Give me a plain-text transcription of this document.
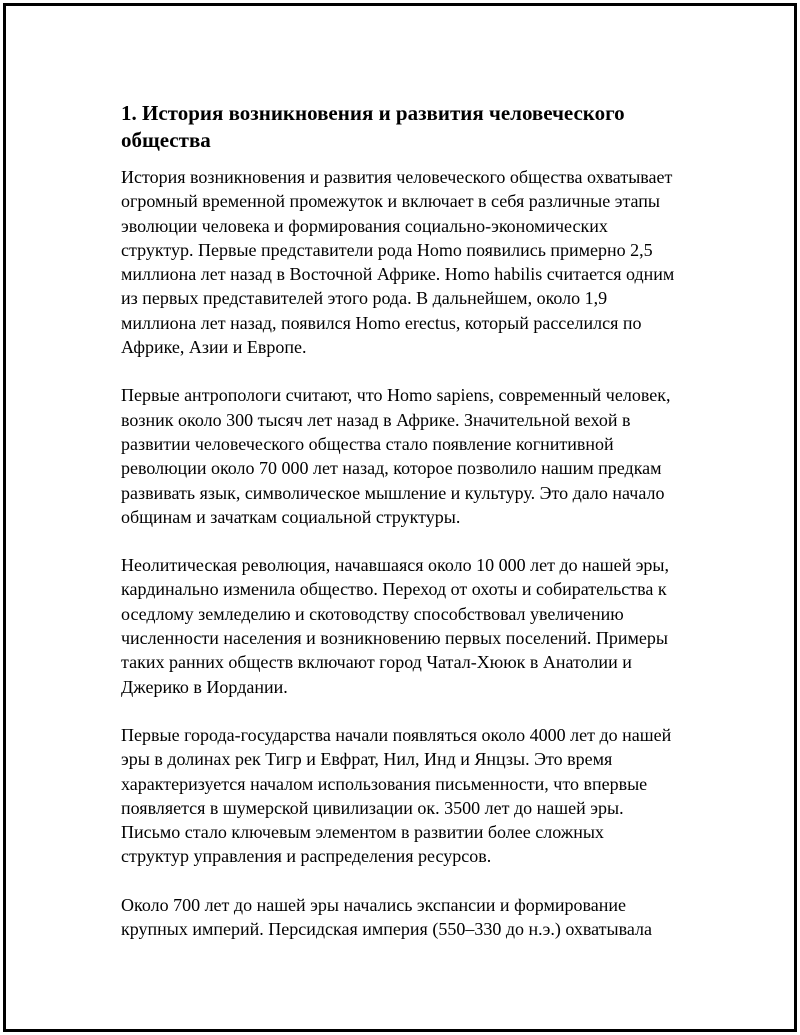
1. История возникновения и развития человеческого
общества

История возникновения и развития человеческого общества охватывает
огромный временной промежуток и включает в себя различные этапы
эволюции человека и формирования социально-экономических
структур. Первые представители рода Homo появились примерно 2,5
миллиона лет назад в Восточной Африке. Homo habilis считается одним
из первых представителей этого рода. В дальнейшем, около 1,9
миллиона лет назад, появился Homo erectus, который расселился по
Африке, Азии и Европе.

Первые антропологи считают, что Homo sapiens, современный человек,
возник около 300 тысяч лет назад в Африке. Значительной вехой в
развитии человеческого общества стало появление когнитивной
революции около 70 000 лет назад, которое позволило нашим предкам
развивать язык, символическое мышление и культуру. Это дало начало
общинам и зачаткам социальной структуры.

Неолитическая революция, начавшаяся около 10 000 лет до нашей эры,
кардинально изменила общество. Переход от охоты и собирательства к
оседлому земледелию и скотоводству способствовал увеличению
численности населения и возникновению первых поселений. Примеры
таких ранних обществ включают город Чатал-Хююк в Анатолии и
Джерико в Иордании.

Первые города-государства начали появляться около 4000 лет до нашей
эры в долинах рек Тигр и Евфрат, Нил, Инд и Янцзы. Это время
характеризуется началом использования письменности, что впервые
появляется в шумерской цивилизации ок. 3500 лет до нашей эры.
Письмо стало ключевым элементом в развитии более сложных
структур управления и распределения ресурсов.

Около 700 лет до нашей эры начались экспансии и формирование
крупных империй. Персидская империя (550–330 до н.э.) охватывала
